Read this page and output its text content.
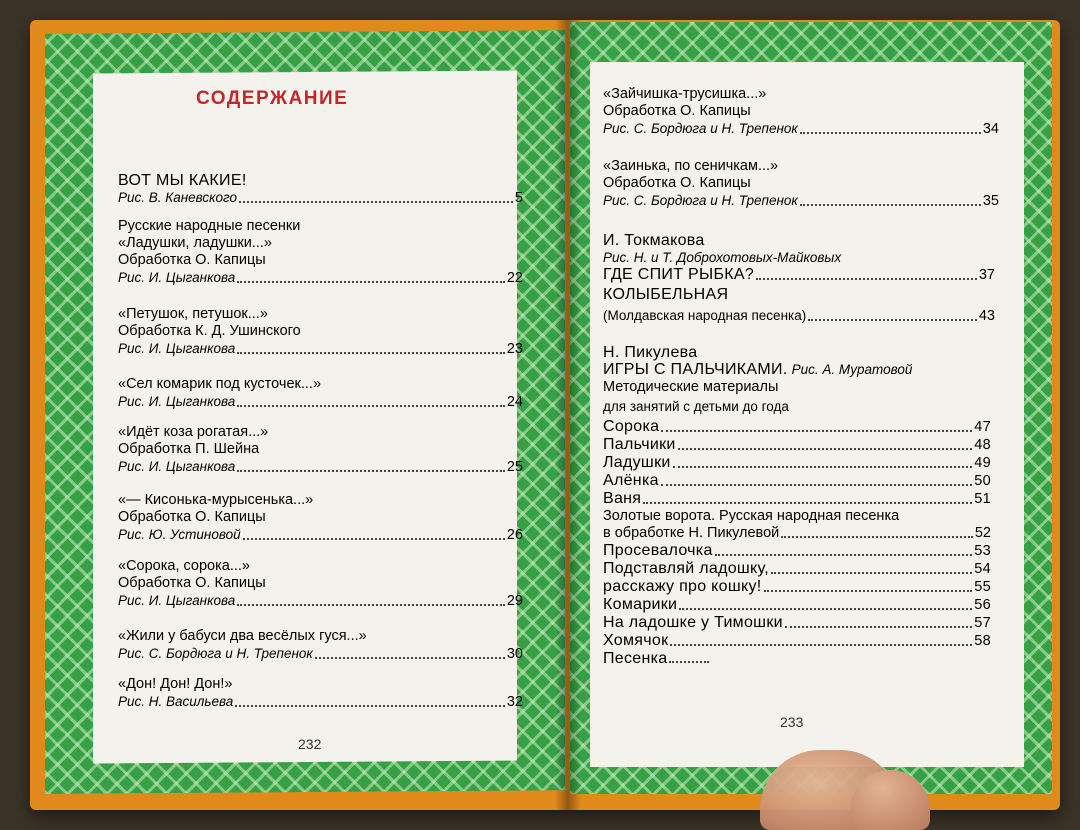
СОДЕРЖАНИЕ
ВОТ МЫ КАКИЕ!
Рис. В. Каневского	5
Русские народные песенки
«Ладушки, ладушки...»
Обработка О. Капицы
Рис. И. Цыганкова	22
«Петушок, петушок...»
Обработка К. Д. Ушинского
Рис. И. Цыганкова	23
«Сел комарик под кусточек...»
Рис. И. Цыганкова	24
«Идёт коза рогатая...»
Обработка П. Шейна
Рис. И. Цыганкова	25
«— Кисонька-мурысенька...»
Обработка О. Капицы
Рис. Ю. Устиновой	26
«Сорока, сорока...»
Обработка О. Капицы
Рис. И. Цыганкова	29
«Жили у бабуси два весёлых гуся...»
Рис. С. Бордюга и Н. Трепенок	30
«Дон! Дон! Дон!»
Рис. Н. Васильева	32
232
«Зайчишка-трусишка...»
Обработка О. Капицы
Рис. С. Бордюга и Н. Трепенок	34
«Заинька, по сеничкам...»
Обработка О. Капицы
Рис. С. Бордюга и Н. Трепенок	35
И. Токмакова
Рис. Н. и Т. Доброхотовых-Майковых
ГДЕ СПИТ РЫБКА?	37
КОЛЫБЕЛЬНАЯ
(Молдавская народная песенка)	43
Н. Пикулева
ИГРЫ С ПАЛЬЧИКАМИ. Рис. А. Муратовой
Методические материалы
для занятий с детьми до года
Сорока	47
Пальчики	48
Ладушки	49
Алёнка	50
Ваня	51
Золотые ворота. Русская народная песенка
в обработке Н. Пикулевой	52
Просевалочка	53
Подставляй ладошку,	54
расскажу про кошку!	55
Комарики	56
На ладошке у Тимошки	57
Хомячок	58
Песенка
233
